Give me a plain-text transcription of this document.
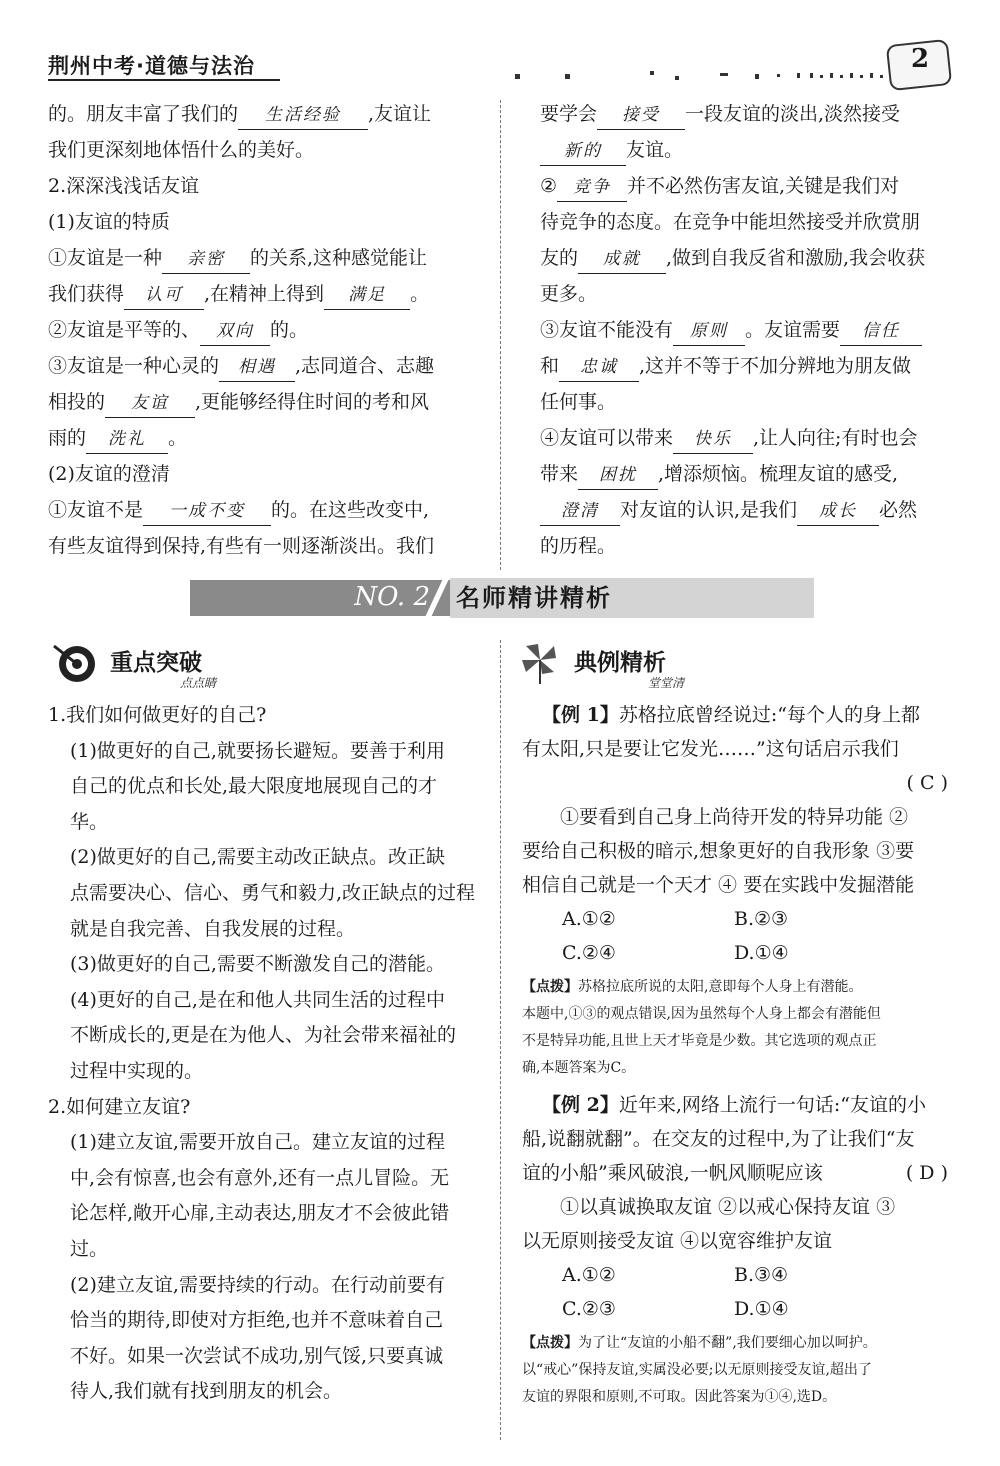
荆州中考·道德与法治	2

的。朋友丰富了我们的 生活经验 ,友谊让

我们更深刻地体悟什么的美好。

2.深深浅浅话友谊

(1)友谊的特质

①友谊是一种 亲密 的关系,这种感觉能让

我们获得 认可 ,在精神上得到 满足 。

②友谊是平等的、 双向 的。

③友谊是一种心灵的 相遇 ,志同道合、志趣

相投的 友谊 ,更能够经得住时间的考和风

雨的 洗礼 。

(2)友谊的澄清

①友谊不是 一成不变 的。在这些改变中,

有些友谊得到保持,有些有一则逐渐淡出。我们

要学会 接受 一段友谊的淡出,淡然接受

新的 友谊。

② 竞争 并不必然伤害友谊,关键是我们对

待竞争的态度。在竞争中能坦然接受并欣赏朋

友的 成就 ,做到自我反省和激励,我会收获

更多。

③友谊不能没有 原则 。友谊需要 信任

和 忠诚 ,这并不等于不加分辨地为朋友做

任何事。

④友谊可以带来 快乐 ,让人向往;有时也会

带来 困扰 ,增添烦恼。梳理友谊的感受,

澄清 对友谊的认识,是我们 成长 必然

的历程。

NO. 2 名师精讲精析
重点突破
点点睛

1.我们如何做更好的自己?

(1)做更好的自己,就要扬长避短。要善于利用

自己的优点和长处,最大限度地展现自己的才

华。

(2)做更好的自己,需要主动改正缺点。改正缺

点需要决心、信心、勇气和毅力,改正缺点的过程

就是自我完善、自我发展的过程。

(3)做更好的自己,需要不断激发自己的潜能。

(4)更好的自己,是在和他人共同生活的过程中

不断成长的,更是在为他人、为社会带来福祉的

过程中实现的。

2.如何建立友谊?

(1)建立友谊,需要开放自己。建立友谊的过程

中,会有惊喜,也会有意外,还有一点儿冒险。无

论怎样,敞开心扉,主动表达,朋友才不会彼此错

过。

(2)建立友谊,需要持续的行动。在行动前要有

恰当的期待,即使对方拒绝,也并不意味着自己

不好。如果一次尝试不成功,别气馁,只要真诚

待人,我们就有找到朋友的机会。

典例精析
堂堂清

【例 1】苏格拉底曾经说过:“每个人的身上都

有太阳,只是要让它发光……”这句话启示我们

( C )

①要看到自己身上尚待开发的特异功能 ②

要给自己积极的暗示,想象更好的自我形象 ③要

相信自己就是一个天才 ④ 要在实践中发掘潜能

A.①②	B.②③

C.②④	D.①④

【点拨】苏格拉底所说的太阳,意即每个人身上有潜能。

本题中,①③的观点错误,因为虽然每个人身上都会有潜能但

不是特异功能,且世上天才毕竟是少数。其它选项的观点正

确,本题答案为C。

【例 2】近年来,网络上流行一句话:“友谊的小

船,说翻就翻”。在交友的过程中,为了让我们“友

谊的小船”乘风破浪,一帆风顺呢应该	( D )

①以真诚换取友谊 ②以戒心保持友谊 ③

以无原则接受友谊 ④以宽容维护友谊

A.①②	B.③④

C.②③	D.①④

【点拨】为了让“友谊的小船不翻”,我们要细心加以呵护。

以“戒心”保持友谊,实属没必要;以无原则接受友谊,超出了

友谊的界限和原则,不可取。因此答案为①④,选D。
